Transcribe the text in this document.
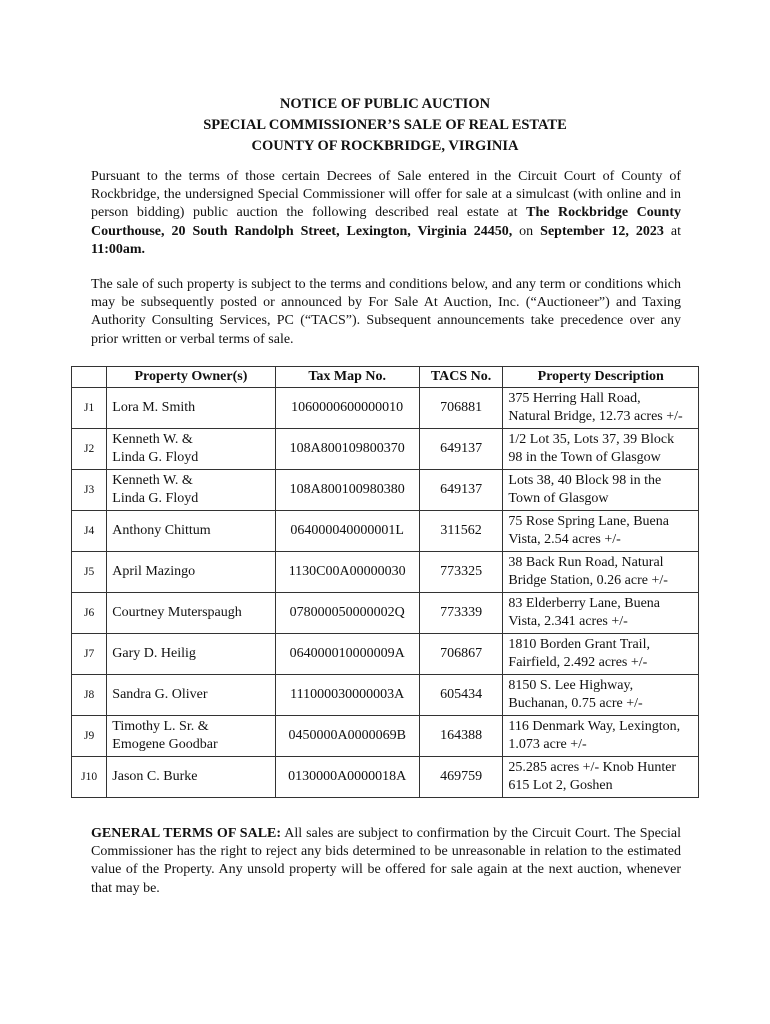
NOTICE OF PUBLIC AUCTION
SPECIAL COMMISSIONER’S SALE OF REAL ESTATE
COUNTY OF ROCKBRIDGE, VIRGINIA
Pursuant to the terms of those certain Decrees of Sale entered in the Circuit Court of County of Rockbridge, the undersigned Special Commissioner will offer for sale at a simulcast (with online and in person bidding) public auction the following described real estate at The Rockbridge County Courthouse, 20 South Randolph Street, Lexington, Virginia 24450, on September 12, 2023 at 11:00am.
The sale of such property is subject to the terms and conditions below, and any term or conditions which may be subsequently posted or announced by For Sale At Auction, Inc. (“Auctioneer”) and Taxing Authority Consulting Services, PC (“TACS”). Subsequent announcements take precedence over any prior written or verbal terms of sale.
	Property Owner(s)	Tax Map No.	TACS No.	Property Description
J1	Lora M. Smith	1060000600000010	706881	375 Herring Hall Road,
Natural Bridge, 12.73 acres +/-

J2	Kenneth W. &
Linda G. Floyd	108A800109800370	649137	1/2 Lot 35, Lots 37, 39 Block
98 in the Town of Glasgow

J3	Kenneth W. &
Linda G. Floyd	108A800100980380	649137	Lots 38, 40 Block 98 in the
Town of Glasgow

J4	Anthony Chittum	064000040000001L	311562	75 Rose Spring Lane, Buena
Vista, 2.54 acres +/-

J5	April Mazingo	1130C00A00000030	773325	38 Back Run Road, Natural
Bridge Station, 0.26 acre +/-

J6	Courtney Muterspaugh	078000050000002Q	773339	83 Elderberry Lane, Buena
Vista, 2.341 acres +/-

J7	Gary D. Heilig	064000010000009A	706867	1810 Borden Grant Trail,
Fairfield, 2.492 acres +/-

J8	Sandra G. Oliver	111000030000003A	605434	8150 S. Lee Highway,
Buchanan, 0.75 acre +/-

J9	Timothy L. Sr. &
Emogene Goodbar	0450000A0000069B	164388	116 Denmark Way, Lexington,
1.073 acre +/-

J10	Jason C. Burke	0130000A0000018A	469759	25.285 acres +/- Knob Hunter
615 Lot 2, Goshen
GENERAL TERMS OF SALE: All sales are subject to confirmation by the Circuit Court. The Special Commissioner has the right to reject any bids determined to be unreasonable in relation to the estimated value of the Property. Any unsold property will be offered for sale again at the next auction, whenever that may be.
